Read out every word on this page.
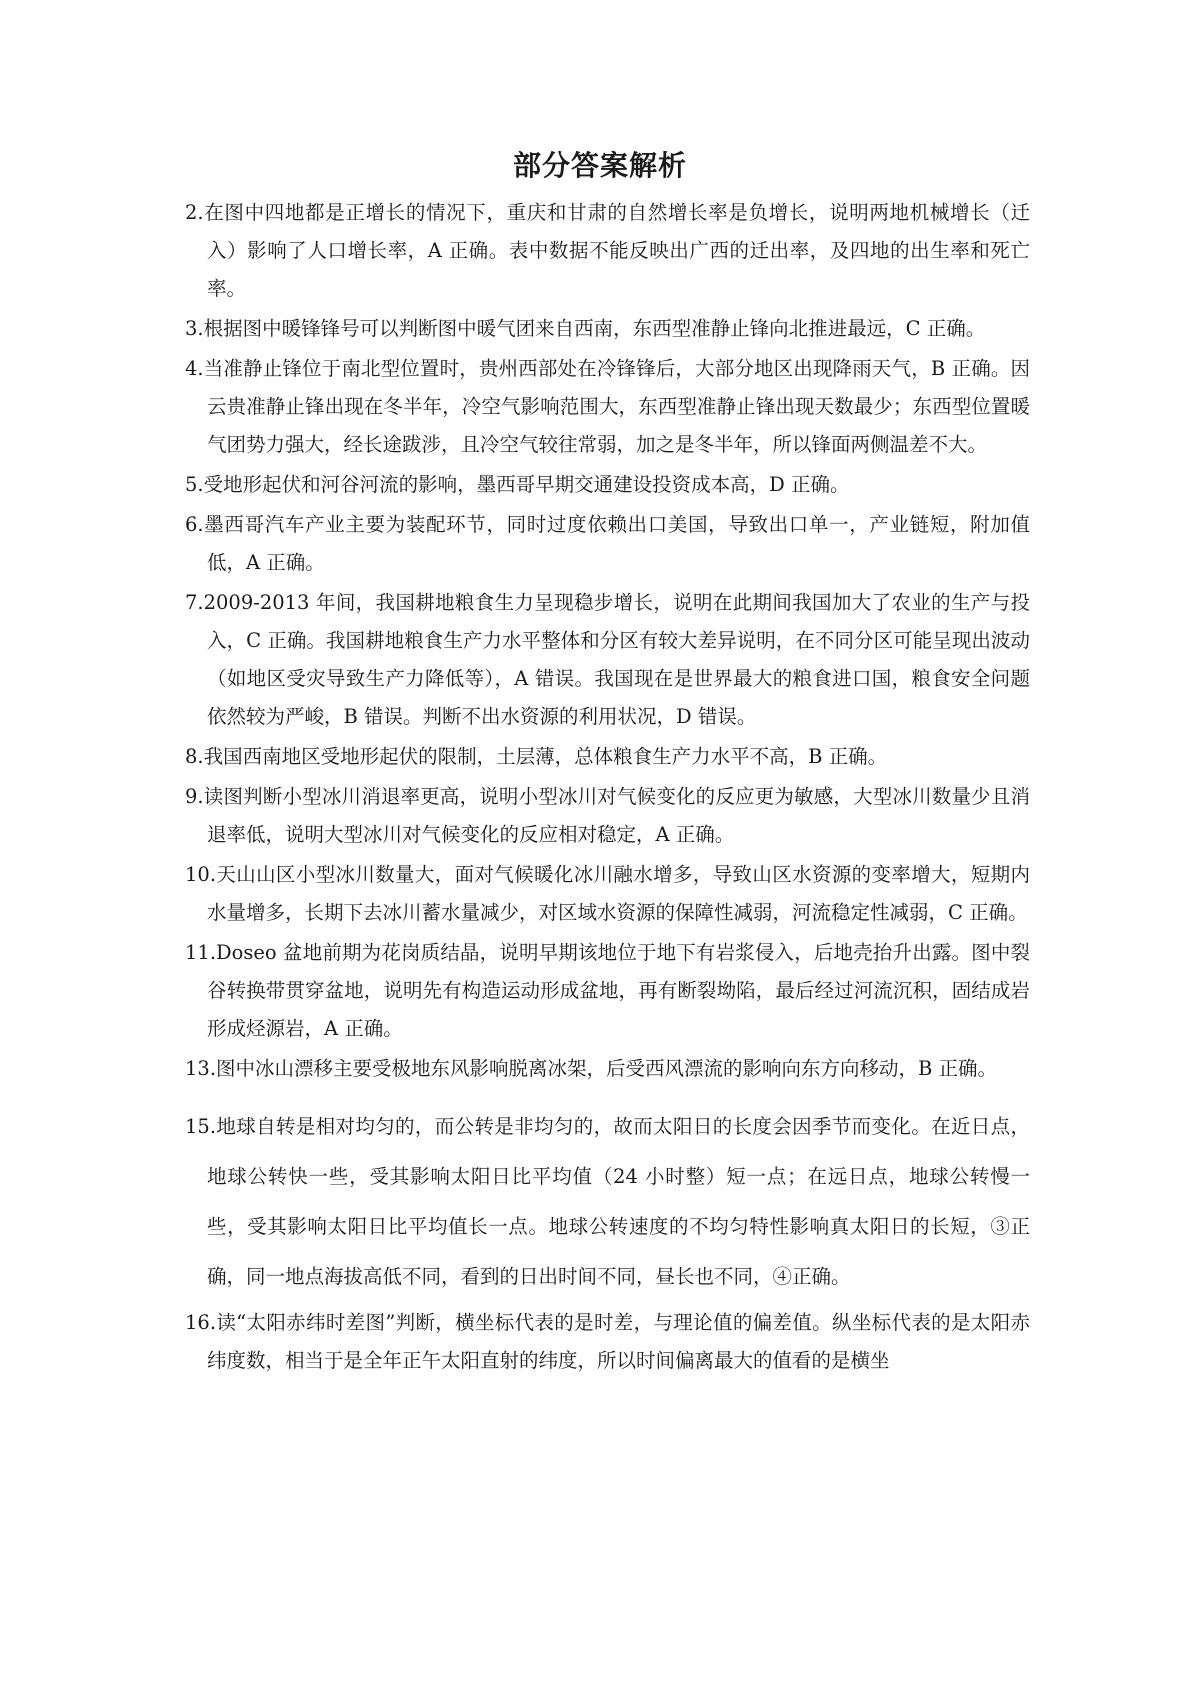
部分答案解析

2.在图中四地都是正增长的情况下，重庆和甘肃的自然增长率是负增长，说明两地机械增长（迁入）影响了人口增长率，A 正确。表中数据不能反映出广西的迁出率，及四地的出生率和死亡率。

3.根据图中暖锋锋号可以判断图中暖气团来自西南，东西型准静止锋向北推进最远，C 正确。

4.当准静止锋位于南北型位置时，贵州西部处在冷锋锋后，大部分地区出现降雨天气，B 正确。因云贵准静止锋出现在冬半年，冷空气影响范围大，东西型准静止锋出现天数最少；东西型位置暖气团势力强大，经长途跋涉，且冷空气较往常弱，加之是冬半年，所以锋面两侧温差不大。

5.受地形起伏和河谷河流的影响，墨西哥早期交通建设投资成本高，D 正确。

6.墨西哥汽车产业主要为装配环节，同时过度依赖出口美国，导致出口单一，产业链短，附加值低，A 正确。

7.2009-2013 年间，我国耕地粮食生力呈现稳步增长，说明在此期间我国加大了农业的生产与投入，C 正确。我国耕地粮食生产力水平整体和分区有较大差异说明，在不同分区可能呈现出波动（如地区受灾导致生产力降低等），A 错误。我国现在是世界最大的粮食进口国，粮食安全问题依然较为严峻，B 错误。判断不出水资源的利用状况，D 错误。

8.我国西南地区受地形起伏的限制，土层薄，总体粮食生产力水平不高，B 正确。

9.读图判断小型冰川消退率更高，说明小型冰川对气候变化的反应更为敏感，大型冰川数量少且消退率低，说明大型冰川对气候变化的反应相对稳定，A 正确。

10.天山山区小型冰川数量大，面对气候暖化冰川融水增多，导致山区水资源的变率增大，短期内水量增多，长期下去冰川蓄水量减少，对区域水资源的保障性减弱，河流稳定性减弱，C 正确。

11.Doseo 盆地前期为花岗质结晶，说明早期该地位于地下有岩浆侵入，后地壳抬升出露。图中裂谷转换带贯穿盆地，说明先有构造运动形成盆地，再有断裂坳陷，最后经过河流沉积，固结成岩形成烃源岩，A 正确。

13.图中冰山漂移主要受极地东风影响脱离冰架，后受西风漂流的影响向东方向移动，B 正确。

15.地球自转是相对均匀的，而公转是非均匀的，故而太阳日的长度会因季节而变化。在近日点，地球公转快一些，受其影响太阳日比平均值（24 小时整）短一点；在远日点，地球公转慢一些，受其影响太阳日比平均值长一点。地球公转速度的不均匀特性影响真太阳日的长短，③正确，同一地点海拔高低不同，看到的日出时间不同，昼长也不同，④正确。

16.读“太阳赤纬时差图”判断，横坐标代表的是时差，与理论值的偏差值。纵坐标代表的是太阳赤纬度数，相当于是全年正午太阳直射的纬度，所以时间偏离最大的值看的是横坐
